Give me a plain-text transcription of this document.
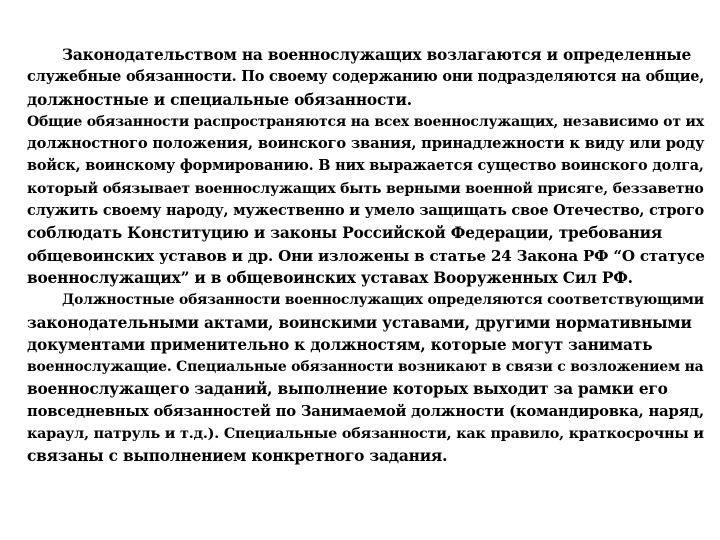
Законодательством на военнослужащих возлагаются и определенные
служебные обязанности. По своему содержанию они подразделяются на общие,
должностные и специальные обязанности.
Общие обязанности распространяются на всех военнослужащих, независимо от их
должностного положения, воинского звания, принадлежности к виду или роду
войск, воинскому формированию. В них выражается существо воинского долга,
который обязывает военнослужащих быть верными военной присяге, беззаветно
служить своему народу, мужественно и умело защищать свое Отечество, строго
соблюдать Конституцию и законы Российской Федерации, требования
общевоинских уставов и др. Они изложены в статье 24 Закона РФ “О статусе
военнослужащих” и в общевоинских уставах Вооруженных Сил РФ.
Должностные обязанности военнослужащих определяются соответствующими
законодательными актами, воинскими уставами, другими нормативными
документами применительно к должностям, которые могут занимать
военнослужащие. Специальные обязанности возникают в связи с возложением на
военнослужащего заданий, выполнение которых выходит за рамки его
повседневных обязанностей по Занимаемой должности (командировка, наряд,
караул, патруль и т.д.). Специальные обязанности, как правило, краткосрочны и
связаны с выполнением конкретного задания.
